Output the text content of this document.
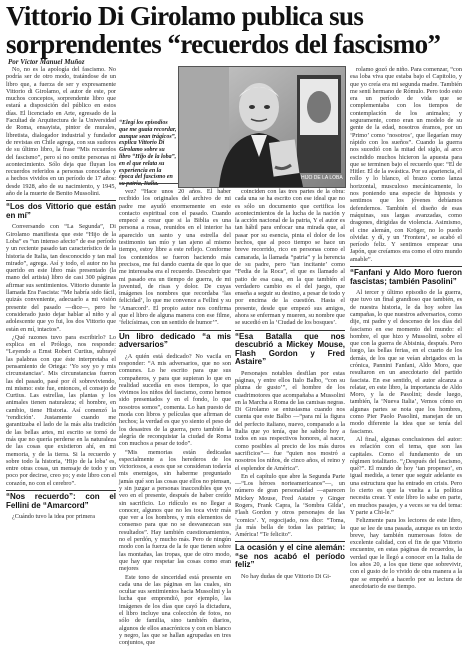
Vittorio Di Girolamo publica sus sorprendentes “recuerdos del fascismo”
Por Víctor Manuel Muñoz

No, no es la apología del fascismo. No podría ser de otro modo, tratándose de un libro que, a fuerza de ser y expresamente Vittorio di Girolamo, el autor de este, por muchos conceptos, sorprendente libro que estará a disposición del público en estos días. El licenciado en Arte, egresado de la Facultad de Arquitectura de la Universidad de Roma, ensayista, pintor de murales, libretista, dialogador industrial y fundador de revistas en Chile agrega, con sus sudores de su último libro, la frase “Mis recuerdos del fascismo”, pero sí no omite personas ni acontecimiento. Sólo deja que fluyan los recuerdos referidos a personas conocidas y a hechos vividos en un período de 17 años: desde 1928, año de su nacimiento, y 1945, año de la muerte de Benito Mussolini.

“Los dos Vittorio que están en mí”

Conversando con “La Segunda”, Di Girolamo manifiesta que este “Hijo de la Loba” es “un intenso afecto” de ese período y un reciente pasado tan característico de la historia de Italia, tan desconocido y tan mal mirado”, agrega. Así y todo, el autor no ha querido en este libro más presentado (la mano del artista) libro de casi 300 páginas afirmar sus sentimientos. Vittorio durante la llamada Era Fascista: “Me habría sido fácil, quizás conveniente, adecuarlo a mi visión presente del pasado —dice—, pero he considerado justo dejar hablar al niño y al adolescente que yo fui, los dos Vittorio que están en mí, intactos”.

¿Qué razones tuvo para escribirlo? Lo explica en el Prólogo, nos responde: “Leyendo a Ernst Robert Curtius, subrayé las palabras con que éste interpretaba el pensamiento de Ortega: ‘Yo soy yo y mis circunstancias’. Mis circunstancias fueron las del pasado, pasé por él sobreviviendo, mi mismo: este fue, entonces, el consejo de Curtius. Las estrellas, las plantas y los animales tienen naturaleza; el hombre, en cambio, tiene Historia. Así comenzó la ‘rendición’. Justamente cuando me garantizaba el lado de la más alta tradición de las bellas artes, mi escrito se tornó de más que no quería perderse en la naturaleza de las cosas que existieron ahí, en mi memoria, y de la tierra. Si la recuerdo y sobre todo la historia, ‘Hijo de la loba’ es, entre otras cosas, un mensaje de todo y un poco por decirse, creo yo; y este libro con el corazón, no con el cerebro”.

“Nos recuerdo”: con el Fellini de “Amarcord”

¿Cuándo tuvo la idea por primera

“Elegí los episodios que me guaia recordar, aunque sean trágicos”, explica Vittorio Di Girolamo sobre su libro “Hijo de la loba”, en el que relata su experiencia en la época del fascismo en su patria, Italia.
HIJO DE LA LOBA

vez? “Hace unos 20 años. El haber recibido los originales del archivo de mi padre me ayudó enormemente en este contacto espiritual con el pasado. Cuando empecé a crear que si la Biblia es una persona a rosas, reunidos en el interior ha aparecido un santo y una estrella del testimonio tan mío y tan ajeno al mismo tiempo, estoy libre a este reflejo. Conforme los contenidos se fueron haciendo más precisos, me fui dando cuenta de que lo que me interesaba era el recuerdo. Descubrir que mi pasado era un tiempo de guerra, de mi juventud, de risas y dolor. De cuyas imágenes los nombres que recordaba ‘las felicidad’, lo que me convence a Fellini y su ‘Amarcord’. El propio autor nos confirma que el libro de alguna manera con ese filme, ‘felicísimas, con un sentido de humor’”.

Un libro dedicado “a mis adversarios”

¿A quién está dedicado? No vacila en responder: “A mis adversarios, que no son comunes. Lo he escrito para que sus compañeros, y para que supieran lo que en realidad sucedía en esos tiempos, lo que vivimos los niños del fascismo, como hemos sido presentados y en el fondo, lo que nosotros somos”, comenta. Lo han puesto de moda con libros y películas que afirman de hechos; la verdad es que yo siento el peso de los desastres de la guerra, pero también la alegría de reconquistar la ciudad de Roma con muchos a pesar de todo”.

“Mis memorias están dedicadas especialmente a los herederos de los victoriosos, a esos que se consideran todavía mis enemigos, sin haberme preguntado jamás qué son las cosas que ellos no piensan, y sin juzgar a personas inaccesibles que yo veo en el presente, después de haber creído sin sacrificio. Lo ridículo es no llegar a conocer, algunos que no les toca vivir más que ver a los hombres, y mis elementos de consenso para que no se desvanezcan sus resultados”. Hay también cuestionamientos, no el perdón, y mucho más. Pero de ningún modo con la fuerza de la fe que tienen sobre las montañas, las tropas, que de otro modo, que hay que respetar las cosas como eran mejores

Este tono de sinceridad está presente en cada una de las páginas en las cuales, sin ocultar sus sentimientos hacia Mussolini y la lucha que emprendió, por ejemplo, las imágenes de los días que cayó la dictadura, el libro incluye una colección de fotos, no sólo de familia, sino también diarios, algunos de ellos anacrónicos y con en blanco y negro, las que se hallan agrupadas en tres conjuntos, que

coinciden con las tres partes de la obra: cada una se ha escrito con ese ideal que no es sólo un documento que certifica los acontecimientos de la lucha de la nación y la acción nacional de la patria, Y el autor es tan hábil para enfocar una mirada que, al pasar por su esencia, pinta el dolor de los hechos, que al poco tiempo se hace un breve recorrido, rico en personas como el camarada, la llamada “patria” y la herencia de su padre, pero ‘tan incitante’ como “Fedia de la Roca”, el que es llamado al patio de esa casa, en la que también el verdadero cambio es el del juego, que enseña a seguir su destino, a pesar de todo y por encima de la cuestión. Hasta el presente, desde que empezó sus amigos, ahora se enferman y mueren, su nombre que se sucedió en la ‘Ciudad de los bosques’.

“Esa Batalla que nos descubrió a Mickey Mouse, Flash Gordon y Fred Astaire”

Personajes notables desfilan por estas páginas, y entre ellos Italo Balbo, “con su pluma de gusto’”, el hombre de los cuadrimotores que acompañaba a Mussolini en la Marcha a Roma de las camisas negras. Di Girolamo se entusiasma cuando nos cuenta que este Balbo —“para mí la figura del perfecto italiano, nuevo, comparado a la Italia que yo tenía, que he sabido hoy a todos en sus respectivos honores, al nacer, como posibles al precio de los más duros sacrificios”— fue “quien nos mostró a nosotros los niños, de cinco años, el reino y el esplendor de América”.

En el capítulo que abre la Segunda Parte —“Los héroes norteamericanos”—, un número de gran personalidad —aparecen Mickey Mouse, Fred Astaire y Ginger Rogers, Frank Capra, la ‘Sombra Gilda’, Flash Gordon y otros personajes de las ‘comics’. Y, regocijado, nos dice: “Toma, ¡la más bella de todas las patrias; la América! “Te felicito”.

La ocasión y el cine alemán: “se nos acabó el período feliz”

No hay dudas de que Vittorio Di Gi-

rolamo gozó de niño. Para comenzar, “con esa loba viva que estaba bajo el Capitolio, y que yo creía era mi segunda madre. También me sentí hermano de Rómulo. Pero todo esto era un período de vida que se complementaba con los tiempos de contemplación de los animales; y seguramente, como eran un modelo de su gente de la edad, nosotros éramos, por un ‘Primo’ como ‘nosotros’, que llegarían muy rápido con los sueños”. Cuando la guerra nos sucedió con la mitad del siglo, al arco escindido muchos hicieron la apuesta para que se terminen bajo el recuerdo que: “El de Hitler. El de la swástica. Por su apariencia, el rollo y lo blanco, el brazo como lanza horizontal, musculoso mecánicamente, lo nos poniendo una especie de hipnosis y sentimos que los jóvenes debíamos defendernos. También el diseño de esas máquinas, sus largas avanzadas, como dragones, dirigidas de violencia. Asimismo, el cine alemán, con Kröger, no lo puedo olvidar. y dí, y un ‘Frontera’, se acabó el período feliz. Y sentimos empezar una Japón, que creíamos era como el otro mundo amable”.

“Fanfani y Aldo Moro fueron fascistas; también Pasolini”

Al tercer y último episodio de la guerra, que tuvo un final grandioso que también, es de nuestra historia, le da hoy sobre las campañas, lo que nuestros adversarios, como dije, mi padre y el descenso de los días del fascismo en ese momento del mundo: el hombre, el que hizo y Mussolini, sobre el que con la guerra de Abisinia, después. Pero luego, las bellas ferias, en el cuarto de los demás, de los que se veían abrigados en la crónica, Pannini Fanfani, Aldo Moro, que resultaron en un anecdotario del partido fascista. En ese sentido, el autor alcanza a relatar, en este libro, la importancia de Aldo Moro, y la de Pasolini; desde luego, también, la ‘Nueva Italia’, Vemos cómo en algunas partes se nota que los hombres, como Pier Paolo Pasolini, manejan de un modo diferente la idea que se tenía del fascismo.

Al final, algunas conclusiones del autor: es relación con el tema, que son las capitales. Como el fundamento de un régimen totalitario. “¿Después del fascismo, qué?”. El mundo de hoy ‘tan propenso’, en igual medida, a tener que seguir adelante es una estructura que ha entrado en crisis. Pero lo cierto es que la vuelta a la política necesita crear. Y este libro lo sabe en parte, en muchos pasajes, y a veces se va del tema: Y parte a Chi-le.”

Felizmente para los lectores de este libro, que se lee de una pasada, aunque es un texto breve, hay también numerosas fotos de excelente calidad, con el fin de que Vittorio encuentre, en estas páginas de recuerdos, la verdad que le llegó a conocer en la Italia de los años 20, a los que tiene que sobrevivir, con el gusto de lo vivido de otra manera a la que se empeñó a hacerlo por su lectura de anecdotario de ese tiempo.
